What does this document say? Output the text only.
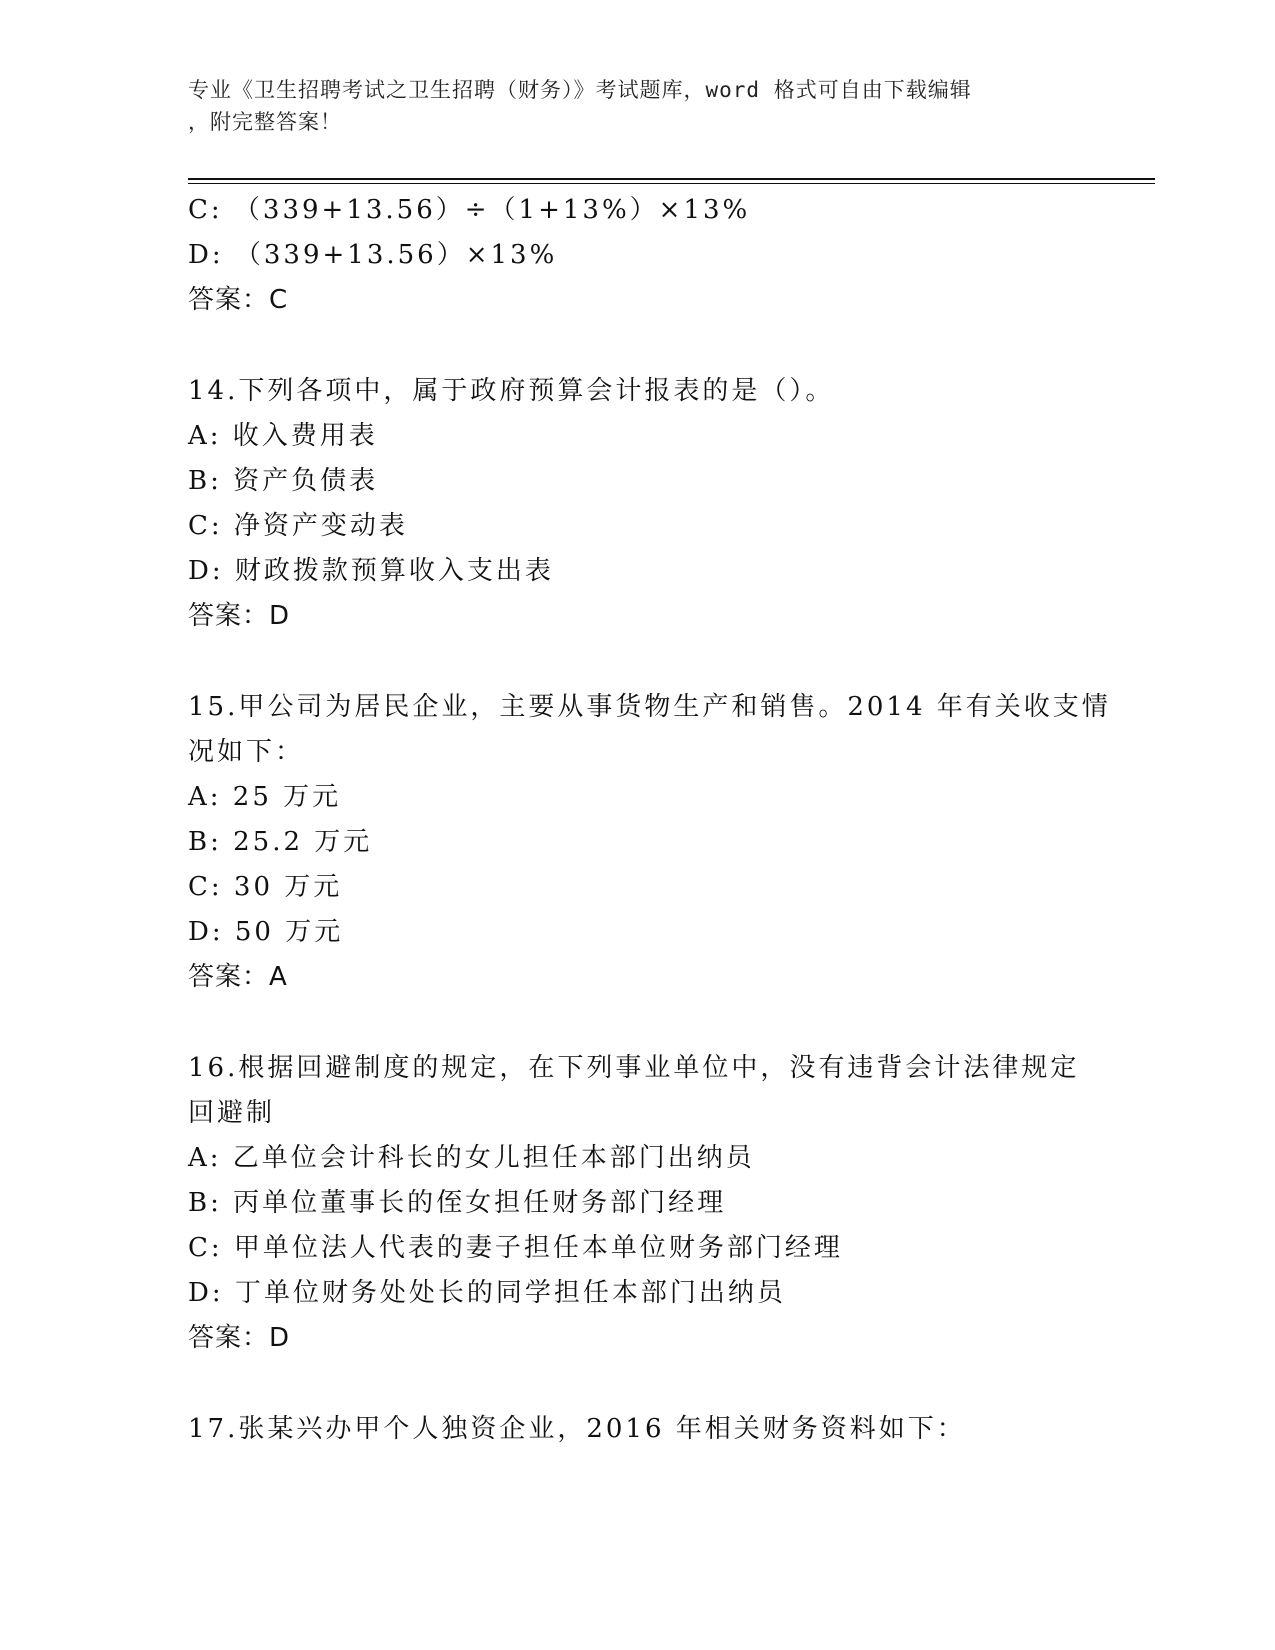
专业《卫生招聘考试之卫生招聘（财务）》考试题库，word 格式可自由下载编辑
，附完整答案！
C: （339+13.56）÷（1+13%）×13%
D: （339+13.56）×13%
答案：C
14.下列各项中，属于政府预算会计报表的是（）。
A: 收入费用表
B: 资产负债表
C: 净资产变动表
D: 财政拨款预算收入支出表
答案：D
15.甲公司为居民企业，主要从事货物生产和销售。2014 年有关收支情
况如下：
A: 25 万元
B: 25.2 万元
C: 30 万元
D: 50 万元
答案：A
16.根据回避制度的规定，在下列事业单位中，没有违背会计法律规定
回避制
A: 乙单位会计科长的女儿担任本部门出纳员
B: 丙单位董事长的侄女担任财务部门经理
C: 甲单位法人代表的妻子担任本单位财务部门经理
D: 丁单位财务处处长的同学担任本部门出纳员
答案：D
17.张某兴办甲个人独资企业，2016 年相关财务资料如下：
